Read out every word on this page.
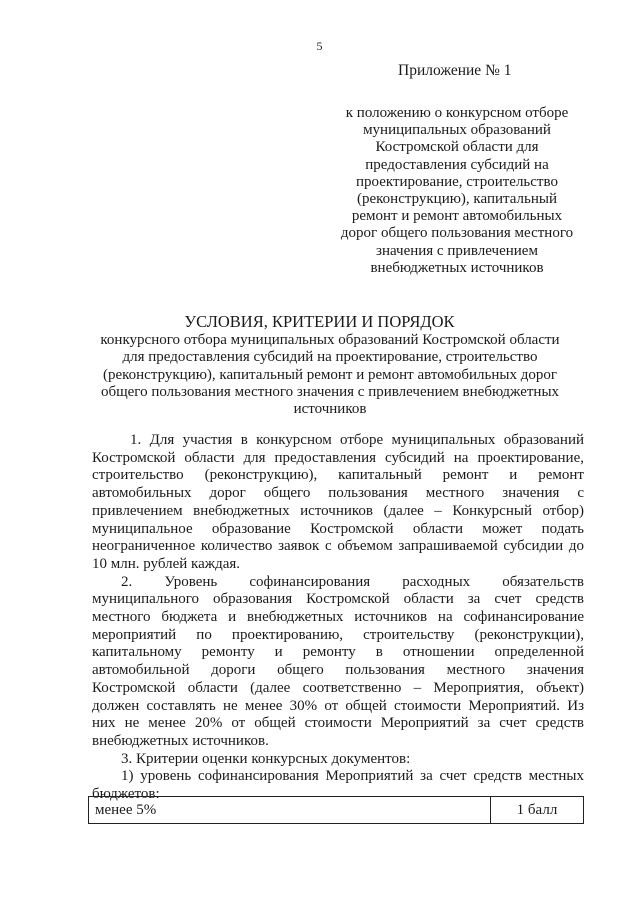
5
Приложение № 1
к положению о конкурсном отборе
муниципальных образований
Костромской области для
предоставления субсидий на
проектирование, строительство
(реконструкцию), капитальный
ремонт и ремонт автомобильных
дорог общего пользования местного
значения с привлечением
внебюджетных источников
УСЛОВИЯ, КРИТЕРИИ И ПОРЯДОК
конкурсного отбора муниципальных образований Костромской области
для предоставления субсидий на проектирование, строительство
(реконструкцию), капитальный ремонт и ремонт автомобильных дорог
общего пользования местного значения с привлечением внебюджетных
источников
1. Для участия в конкурсном отборе муниципальных образований
Костромской области для предоставления субсидий на проектирование,
строительство (реконструкцию), капитальный ремонт и ремонт
автомобильных дорог общего пользования местного значения с
привлечением внебюджетных источников (далее – Конкурсный отбор)
муниципальное образование Костромской области может подать
неограниченное количество заявок с объемом запрашиваемой субсидии до
10 млн. рублей каждая.
2. Уровень софинансирования расходных обязательств
муниципального образования Костромской области за счет средств
местного бюджета и внебюджетных источников на софинансирование
мероприятий по проектированию, строительству (реконструкции),
капитальному ремонту и ремонту в отношении определенной
автомобильной дороги общего пользования местного значения
Костромской области (далее соответственно – Мероприятия, объект)
должен составлять не менее 30% от общей стоимости Мероприятий. Из
них не менее 20% от общей стоимости Мероприятий за счет средств
внебюджетных источников.
3. Критерии оценки конкурсных документов:
1) уровень софинансирования Мероприятий за счет средств местных
бюджетов:
менее 5%	1 балл
